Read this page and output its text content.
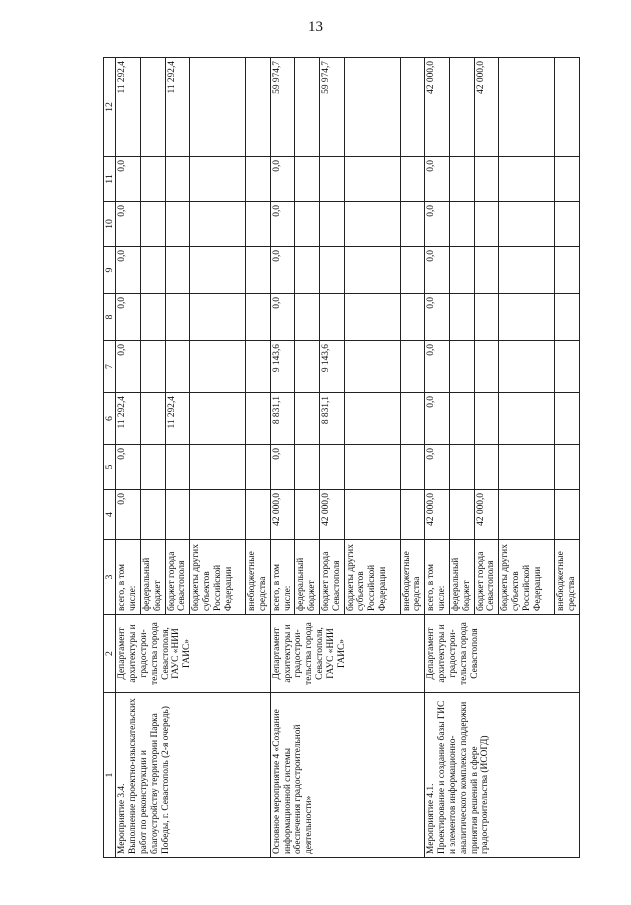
13
1	2	3	4	5	6	7	8	9	10	11	12
Мероприятие 3.4.
Выполнение проектно-изыскательских работ по реконструкции и благоустройству территории Парка Победы, г. Севастополь (2-я очередь)	Департамент архитектуры и градострои-тельства города Севастополя, ГАУС «НИИ ГАИС»	всего, в том числе:	0,0	0,0	11 292,4	0,0	0,0	0,0	0,0	0,0	11 292,4
		федеральный бюджет									
		бюджет города Севастополя			11 292,4						11 292,4
		бюджеты других субъектов Российской Федерации									
		внебюджетные средства									
Основное мероприятие 4 «Создание информационной системы обеспечения градостроительной деятельности»	Департамент архитектуры и градострои-тельства города Севастополя, ГАУС «НИИ ГАИС»	всего, в том числе:	42 000,0	0,0	8 831,1	9 143,6	0,0	0,0	0,0	0,0	59 974,7
		федеральный бюджет									
		бюджет города Севастополя	42 000,0		8 831,1	9 143,6					59 974,7
		бюджеты других субъектов Российской Федерации									
		внебюджетные средства									
Мероприятие 4.1.
Проектирование и создание базы ГИС и элементов информационно-аналитического комплекса поддержки принятия решений в сфере градостроительства (ИСОГД)	Департамент архитектуры и градострои-тельства города Севастополя	всего, в том числе:	42 000,0	0,0	0,0	0,0	0,0	0,0	0,0	0,0	42 000,0
		федеральный бюджет									
		бюджет города Севастополя	42 000,0								42 000,0
		бюджеты других субъектов Российской Федерации									
		внебюджетные средства									
